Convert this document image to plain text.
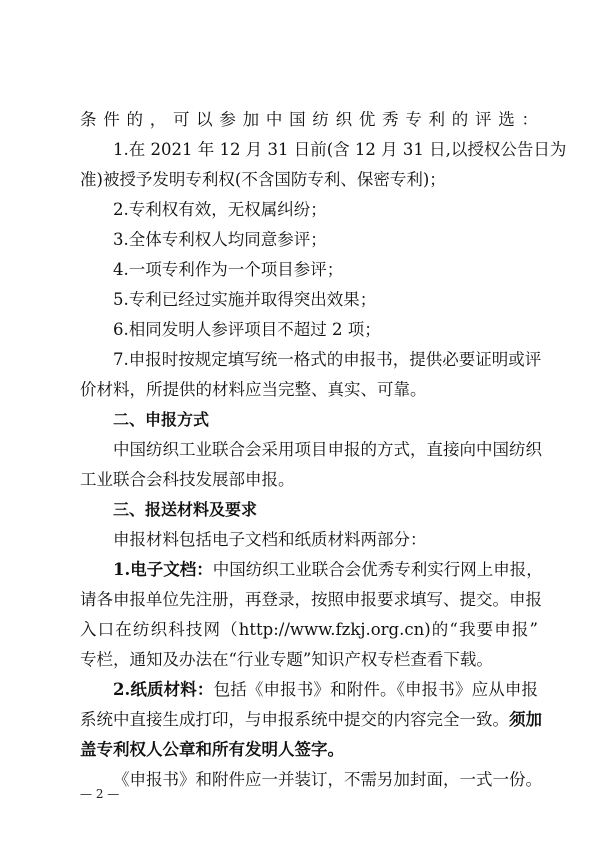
条件的，可以参加中国纺织优秀专利的评选：
1.在 2021 年 12 月 31 日前(含 12 月 31 日,以授权公告日为
准)被授予发明专利权(不含国防专利、保密专利)；
2.专利权有效，无权属纠纷；
3.全体专利权人均同意参评；
4.一项专利作为一个项目参评；
5.专利已经过实施并取得突出效果；
6.相同发明人参评项目不超过 2 项；
7.申报时按规定填写统一格式的申报书，提供必要证明或评
价材料，所提供的材料应当完整、真实、可靠。
二、申报方式
中国纺织工业联合会采用项目申报的方式，直接向中国纺织
工业联合会科技发展部申报。
三、报送材料及要求
申报材料包括电子文档和纸质材料两部分：
1.电子文档：中国纺织工业联合会优秀专利实行网上申报，
请各申报单位先注册，再登录，按照申报要求填写、提交。申报
入口在纺织科技网（http://www.fzkj.org.cn)的“我要申报”
专栏，通知及办法在“行业专题”知识产权专栏查看下载。
2.纸质材料：包括《申报书》和附件。《申报书》应从申报
系统中直接生成打印，与申报系统中提交的内容完全一致。须加
盖专利权人公章和所有发明人签字。
《申报书》和附件应一并装订，不需另加封面，一式一份。
— 2 —
